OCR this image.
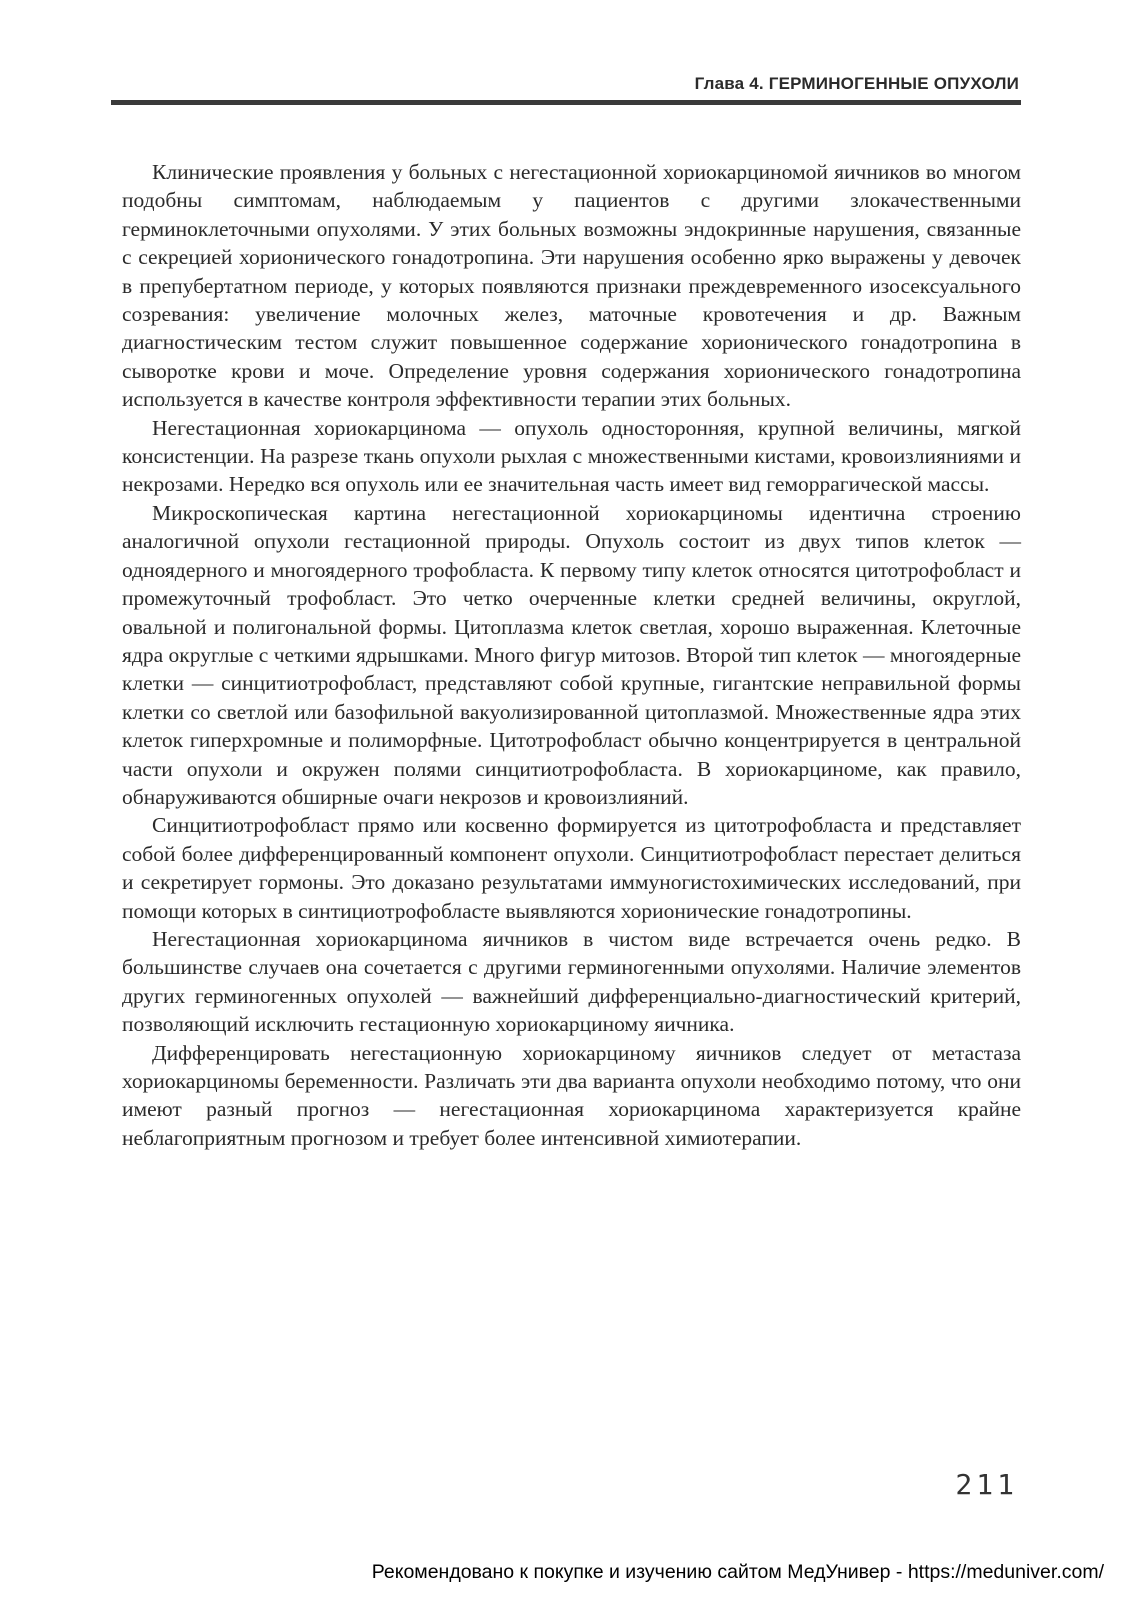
Глава 4. ГЕРМИНОГЕННЫЕ ОПУХОЛИ

Клинические проявления у больных с негестационной хориокарциномой яичников во многом подобны симптомам, наблюдаемым у пациентов с другими злокачественными герминоклеточными опухолями. У этих больных возможны эндокринные нарушения, связанные с секрецией хорионического гонадотропина. Эти нарушения особенно ярко выражены у девочек в препубертатном периоде, у которых появляются признаки преждевременного изосексуального созревания: увеличение молочных желез, маточные кровотечения и др. Важным диагностическим тестом служит повышенное содержание хорионического гонадотропина в сыворотке крови и моче. Определение уровня содержания хорионического гонадотропина используется в качестве контроля эффективности терапии этих больных.

Негестационная хориокарцинома — опухоль односторонняя, крупной величины, мягкой консистенции. На разрезе ткань опухоли рыхлая с множественными кистами, кровоизлияниями и некрозами. Нередко вся опухоль или ее значительная часть имеет вид геморрагической массы.

Микроскопическая картина негестационной хориокарциномы идентична строению аналогичной опухоли гестационной природы. Опухоль состоит из двух типов клеток — одноядерного и многоядерного трофобласта. К первому типу клеток относятся цитотрофобласт и промежуточный трофобласт. Это четко очерченные клетки средней величины, округлой, овальной и полигональной формы. Цитоплазма клеток светлая, хорошо выраженная. Клеточные ядра округлые с четкими ядрышками. Много фигур митозов. Второй тип клеток — многоядерные клетки — синцитиотрофобласт, представляют собой крупные, гигантские неправильной формы клетки со светлой или базофильной вакуолизированной цитоплазмой. Множественные ядра этих клеток гиперхромные и полиморфные. Цитотрофобласт обычно концентрируется в центральной части опухоли и окружен полями синцитиотрофобласта. В хориокарциноме, как правило, обнаруживаются обширные очаги некрозов и кровоизлияний.

Синцитиотрофобласт прямо или косвенно формируется из цитотрофобласта и представляет собой более дифференцированный компонент опухоли. Синцитиотрофобласт перестает делиться и секретирует гормоны. Это доказано результатами иммуногистохимических исследований, при помощи которых в синтициотрофобласте выявляются хорионические гонадотропины.

Негестационная хориокарцинома яичников в чистом виде встречается очень редко. В большинстве случаев она сочетается с другими герминогенными опухолями. Наличие элементов других герминогенных опухолей — важнейший дифференциально-диагностический критерий, позволяющий исключить гестационную хориокарциному яичника.

Дифференцировать негестационную хориокарциному яичников следует от метастаза хориокарциномы беременности. Различать эти два варианта опухоли необходимо потому, что они имеют разный прогноз — негестационная хориокарцинома характеризуется крайне неблагоприятным прогнозом и требует более интенсивной химиотерапии.

211
Рекомендовано к покупке и изучению сайтом МедУнивер - https://meduniver.com/
